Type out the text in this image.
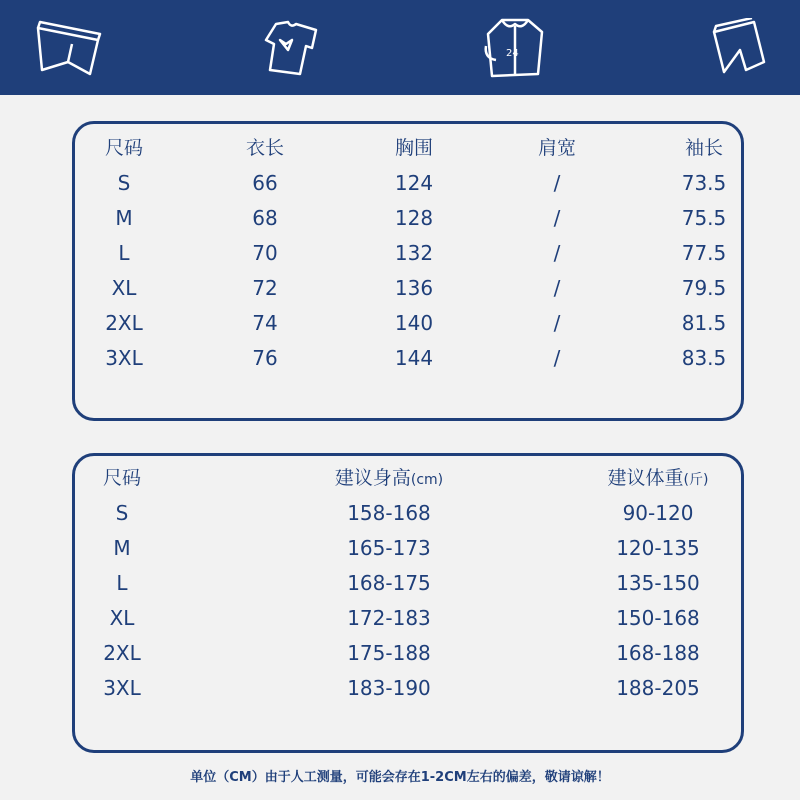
24
尺码	衣长	胸围	肩宽	袖长
S	66	124	/	73.5
M	68	128	/	75.5
L	70	132	/	77.5
XL	72	136	/	79.5
2XL	74	140	/	81.5
3XL	76	144	/	83.5
尺码	建议身高(cm)	建议体重(斤)
S	158-168	90-120
M	165-173	120-135
L	168-175	135-150
XL	172-183	150-168
2XL	175-188	168-188
3XL	183-190	188-205
单位（CM）由于人工测量，可能会存在1-2CM左右的偏差，敬请谅解！
